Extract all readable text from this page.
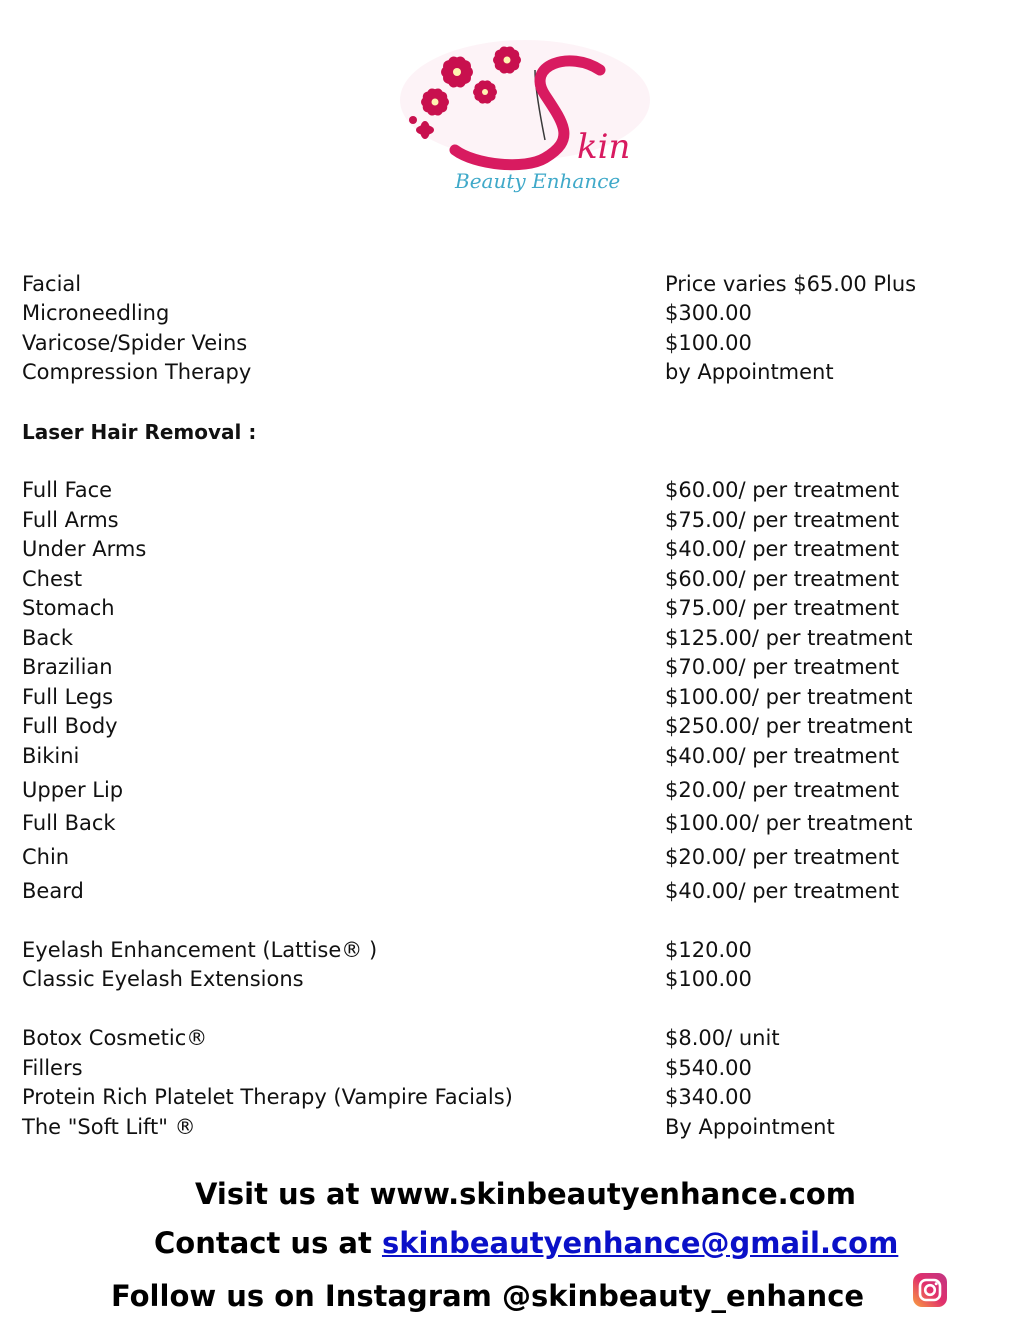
kin
Beauty Enhance
Facial	Price varies $65.00 Plus
Microneedling	$300.00
Varicose/Spider Veins	$100.00
Compression Therapy	by Appointment
Laser Hair Removal :
Full Face	$60.00/ per treatment
Full Arms	$75.00/ per treatment
Under Arms	$40.00/ per treatment
Chest	$60.00/ per treatment
Stomach	$75.00/ per treatment
Back	$125.00/ per treatment
Brazilian	$70.00/ per treatment
Full Legs	$100.00/ per treatment
Full Body	$250.00/ per treatment
Bikini	$40.00/ per treatment
Upper Lip	$20.00/ per treatment
Full Back	$100.00/ per treatment
Chin	$20.00/ per treatment
Beard	$40.00/ per treatment
Eyelash Enhancement (Lattise® )	$120.00
Classic Eyelash Extensions	$100.00
Botox Cosmetic®	$8.00/ unit
Fillers	$540.00
Protein Rich Platelet Therapy (Vampire Facials)	$340.00
The "Soft Lift" ®	By Appointment
Visit us at www.skinbeautyenhance.com
Contact us at skinbeautyenhance@gmail.com
Follow us on Instagram @skinbeauty_enhance
